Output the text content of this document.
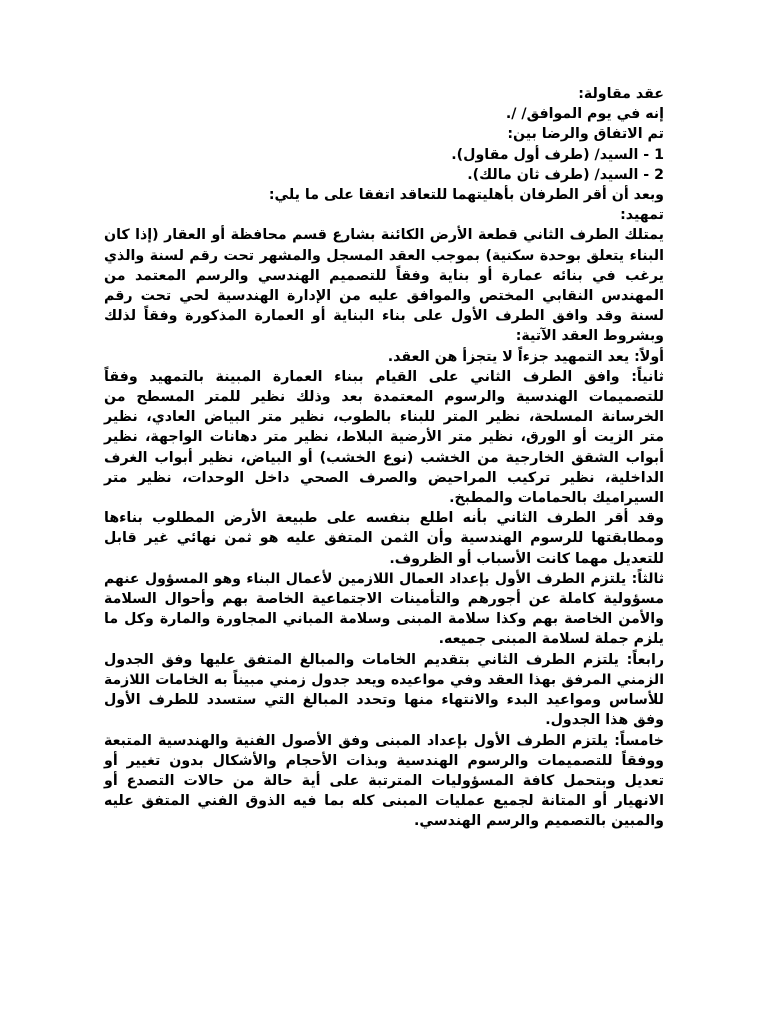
عقد مقاولة:
إنه في يوم الموافق/ /.
تم الاتفاق والرضا بين:
1 - السيد/ (طرف أول مقاول).
2 - السيد/ (طرف ثان مالك).
وبعد أن أقر الطرفان بأهليتهما للتعاقد اتفقا على ما يلي:
تمهيد:
يمتلك الطرف الثاني قطعة الأرض الكائنة بشارع قسم محافظة أو العقار (إذا كان
البناء يتعلق بوحدة سكنية) بموجب العقد المسجل والمشهر تحت رقم لسنة والذي
يرغب في بنائه عمارة أو بناية وفقاً للتصميم الهندسي والرسم المعتمد من
المهندس النقابي المختص والموافق عليه من الإدارة الهندسية لحي تحت رقم
لسنة وقد وافق الطرف الأول على بناء البناية أو العمارة المذكورة وفقاً لذلك
وبشروط العقد الآتية:
أولاً: يعد التمهيد جزءاً لا يتجزأ هن العقد.
ثانياً: وافق الطرف الثاني على القيام ببناء العمارة المبينة بالتمهيد وفقاً
للتصميمات الهندسية والرسوم المعتمدة بعد وذلك نظير للمتر المسطح من
الخرسانة المسلحة، نظير المتر للبناء بالطوب، نظير متر البياض العادي، نظير
متر الزيت أو الورق، نظير متر الأرضية البلاط، نظير متر دهانات الواجهة، نظير
أبواب الشقق الخارجية من الخشب (نوع الخشب) أو البياض، نظير أبواب الغرف
الداخلية، نظير تركيب المراحيض والصرف الصحي داخل الوحدات، نظير متر
السيراميك بالحمامات والمطبخ.
وقد أقر الطرف الثاني بأنه اطلع بنفسه على طبيعة الأرض المطلوب بناءها
ومطابقتها للرسوم الهندسية وأن الثمن المتفق عليه هو ثمن نهائي غير قابل
للتعديل مهما كانت الأسباب أو الظروف.
ثالثاً: يلتزم الطرف الأول بإعداد العمال اللازمين لأعمال البناء وهو المسؤول عنهم
مسؤولية كاملة عن أجورهم والتأمينات الاجتماعية الخاصة بهم وأحوال السلامة
والأمن الخاصة بهم وكذا سلامة المبنى وسلامة المباني المجاورة والمارة وكل ما
يلزم جملة لسلامة المبنى جميعه.
رابعاً: يلتزم الطرف الثاني بتقديم الخامات والمبالغ المتفق عليها وفق الجدول
الزمني المرفق بهذا العقد وفي مواعيده ويعد جدول زمني مبيناً به الخامات اللازمة
للأساس ومواعيد البدء والانتهاء منها وتحدد المبالغ التي ستسدد للطرف الأول
وفق هذا الجدول.
خامساً: يلتزم الطرف الأول بإعداد المبنى وفق الأصول الفنية والهندسية المتبعة
ووفقاً للتصميمات والرسوم الهندسية وبذات الأحجام والأشكال بدون تغيير أو
تعديل وبتحمل كافة المسؤوليات المترتبة على أية حالة من حالات التصدع أو
الانهيار أو المتانة لجميع عمليات المبنى كله بما فيه الذوق الفني المتفق عليه
والمبين بالتصميم والرسم الهندسي.
